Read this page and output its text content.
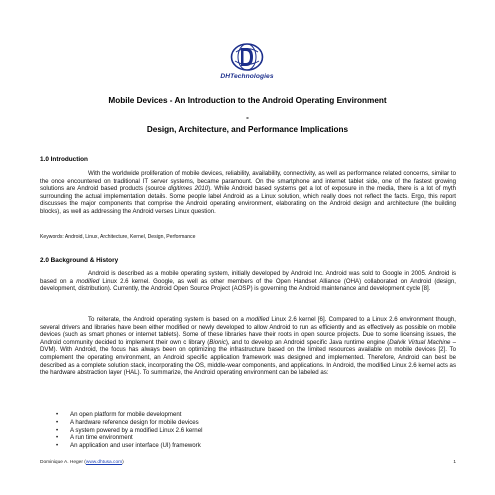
DHTechnologies
Mobile Devices - An Introduction to the Android Operating Environment
-
Design, Architecture, and Performance Implications
1.0 Introduction

With the worldwide proliferation of mobile devices, reliability, availability, connectivity, as well as performance related concerns, similar to the once encountered on traditional IT server systems, became paramount. On the smartphone and internet tablet side, one of the fastest growing solutions are Android based products (source digitimes 2010). While Android based systems get a lot of exposure in the media, there is a lot of myth surrounding the actual implementation details. Some people label Android as a Linux solution, which really does not reflect the facts. Ergo, this report discusses the major components that comprise the Android operating environment, elaborating on the Android design and architecture (the building blocks), as well as addressing the Android verses Linux question.

Keywords: Android, Linux, Architecture, Kernel, Design, Performance
2.0 Background & History

Android is described as a mobile operating system, initially developed by Android Inc. Android was sold to Google in 2005. Android is based on a modified Linux 2.6 kernel. Google, as well as other members of the Open Handset Alliance (OHA) collaborated on Android (design, development, distribution). Currently, the Android Open Source Project (AOSP) is governing the Android maintenance and development cycle [8].

To reiterate, the Android operating system is based on a modified Linux 2.6 kernel [6]. Compared to a Linux 2.6 environment though, several drivers and libraries have been either modified or newly developed to allow Android to run as efficiently and as effectively as possible on mobile devices (such as smart phones or internet tablets). Some of these libraries have their roots in open source projects. Due to some licensing issues, the Android community decided to implement their own c library (Bionic), and to develop an Android specific Java runtime engine (Dalvik Virtual Machine – DVM). With Android, the focus has always been on optimizing the infrastructure based on the limited resources available on mobile devices [2]. To complement the operating environment, an Android specific application framework was designed and implemented. Therefore, Android can best be described as a complete solution stack, incorporating the OS, middle-wear components, and applications. In Android, the modified Linux 2.6 kernel acts as the hardware abstraction layer (HAL). To summarize, the Android operating environment can be labeled as:

• An open platform for mobile development
• A hardware reference design for mobile devices
• A system powered by a modified Linux 2.6 kernel
• A run time environment
• An application and user interface (UI) framework
Dominique A. Heger (www.dhtusa.com)	1
